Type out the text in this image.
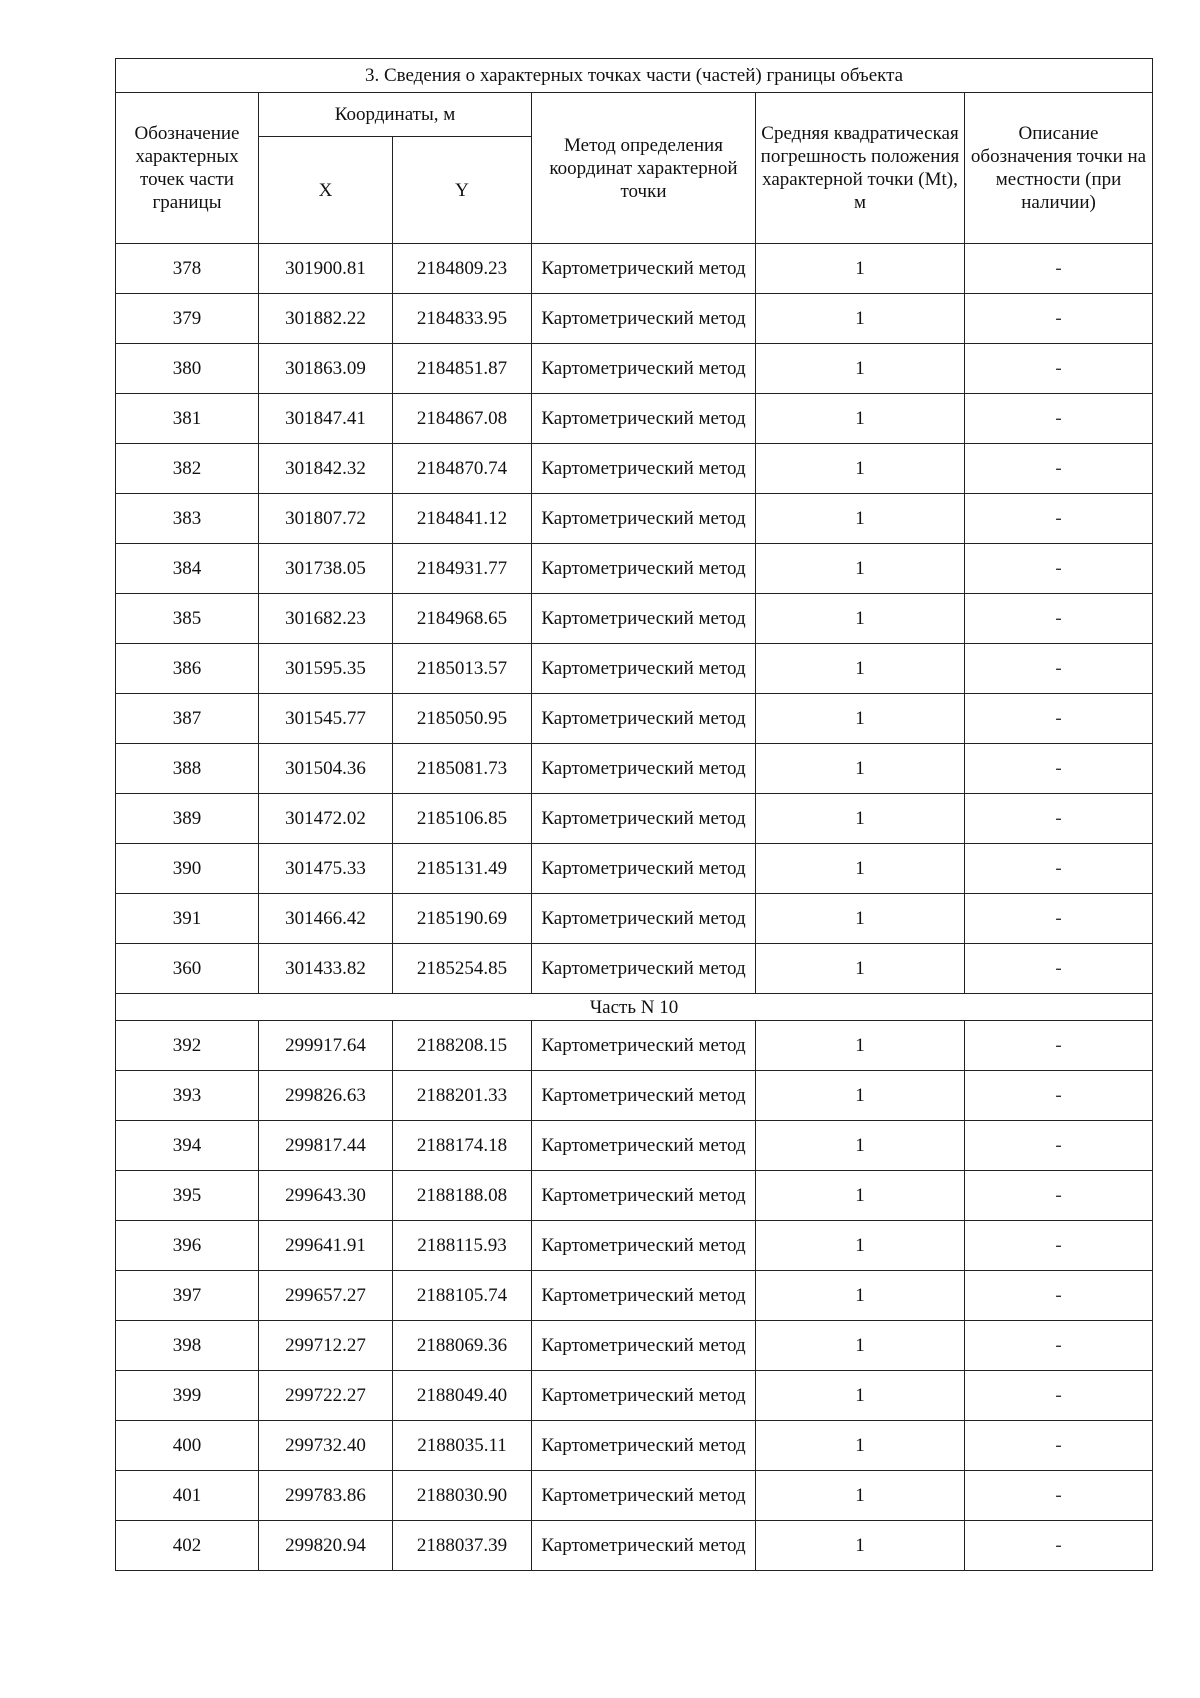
3. Сведения о характерных точках части (частей) границы объекта					
Обозначение характерных точек части границы	Координаты, м		Метод определения координат характерной точки	Средняя квадратическая погрешность положения характерной точки (Mt), м	Описание обозначения точки на местности (при наличии)
	X	Y			
378	301900.81	2184809.23	Картометрический метод	1	-
379	301882.22	2184833.95	Картометрический метод	1	-
380	301863.09	2184851.87	Картометрический метод	1	-
381	301847.41	2184867.08	Картометрический метод	1	-
382	301842.32	2184870.74	Картометрический метод	1	-
383	301807.72	2184841.12	Картометрический метод	1	-
384	301738.05	2184931.77	Картометрический метод	1	-
385	301682.23	2184968.65	Картометрический метод	1	-
386	301595.35	2185013.57	Картометрический метод	1	-
387	301545.77	2185050.95	Картометрический метод	1	-
388	301504.36	2185081.73	Картометрический метод	1	-
389	301472.02	2185106.85	Картометрический метод	1	-
390	301475.33	2185131.49	Картометрический метод	1	-
391	301466.42	2185190.69	Картометрический метод	1	-
360	301433.82	2185254.85	Картометрический метод	1	-
Часть N 10					
392	299917.64	2188208.15	Картометрический метод	1	-
393	299826.63	2188201.33	Картометрический метод	1	-
394	299817.44	2188174.18	Картометрический метод	1	-
395	299643.30	2188188.08	Картометрический метод	1	-
396	299641.91	2188115.93	Картометрический метод	1	-
397	299657.27	2188105.74	Картометрический метод	1	-
398	299712.27	2188069.36	Картометрический метод	1	-
399	299722.27	2188049.40	Картометрический метод	1	-
400	299732.40	2188035.11	Картометрический метод	1	-
401	299783.86	2188030.90	Картометрический метод	1	-
402	299820.94	2188037.39	Картометрический метод	1	-
